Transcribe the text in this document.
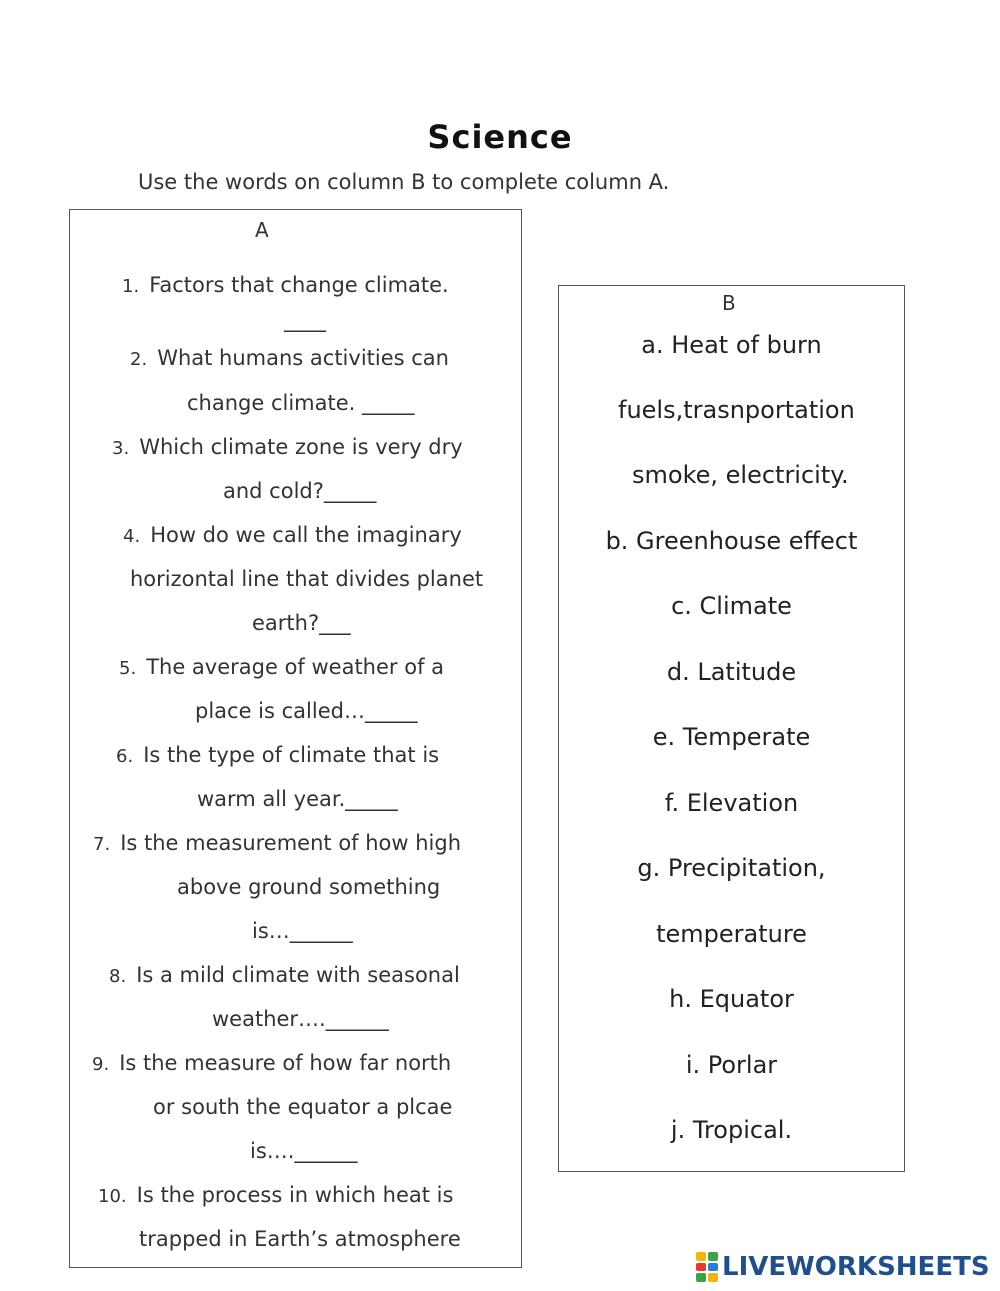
Science
Use the words on column B to complete column A.
A
B
1. Factors that change climate.
____
2. What humans activities can
change climate. _____
3. Which climate zone is very dry
and cold?_____
4. How do we call the imaginary
horizontal line that divides planet
earth?___
5. The average of weather of a
place is called…_____
6. Is the type of climate that is
warm all year._____
7. Is the measurement of how high
above ground something
is…______
8. Is a mild climate with seasonal
weather….______
9. Is the measure of how far north
or south the equator a plcae
is….______
10. Is the process in which heat is
trapped in Earth’s atmosphere
a. Heat of burn
fuels,trasnportation
smoke, electricity.
b. Greenhouse effect
c. Climate
d. Latitude
e. Temperate
f. Elevation
g. Precipitation,
temperature
h. Equator
i. Porlar
j. Tropical.
LIVEWORKSHEETS
